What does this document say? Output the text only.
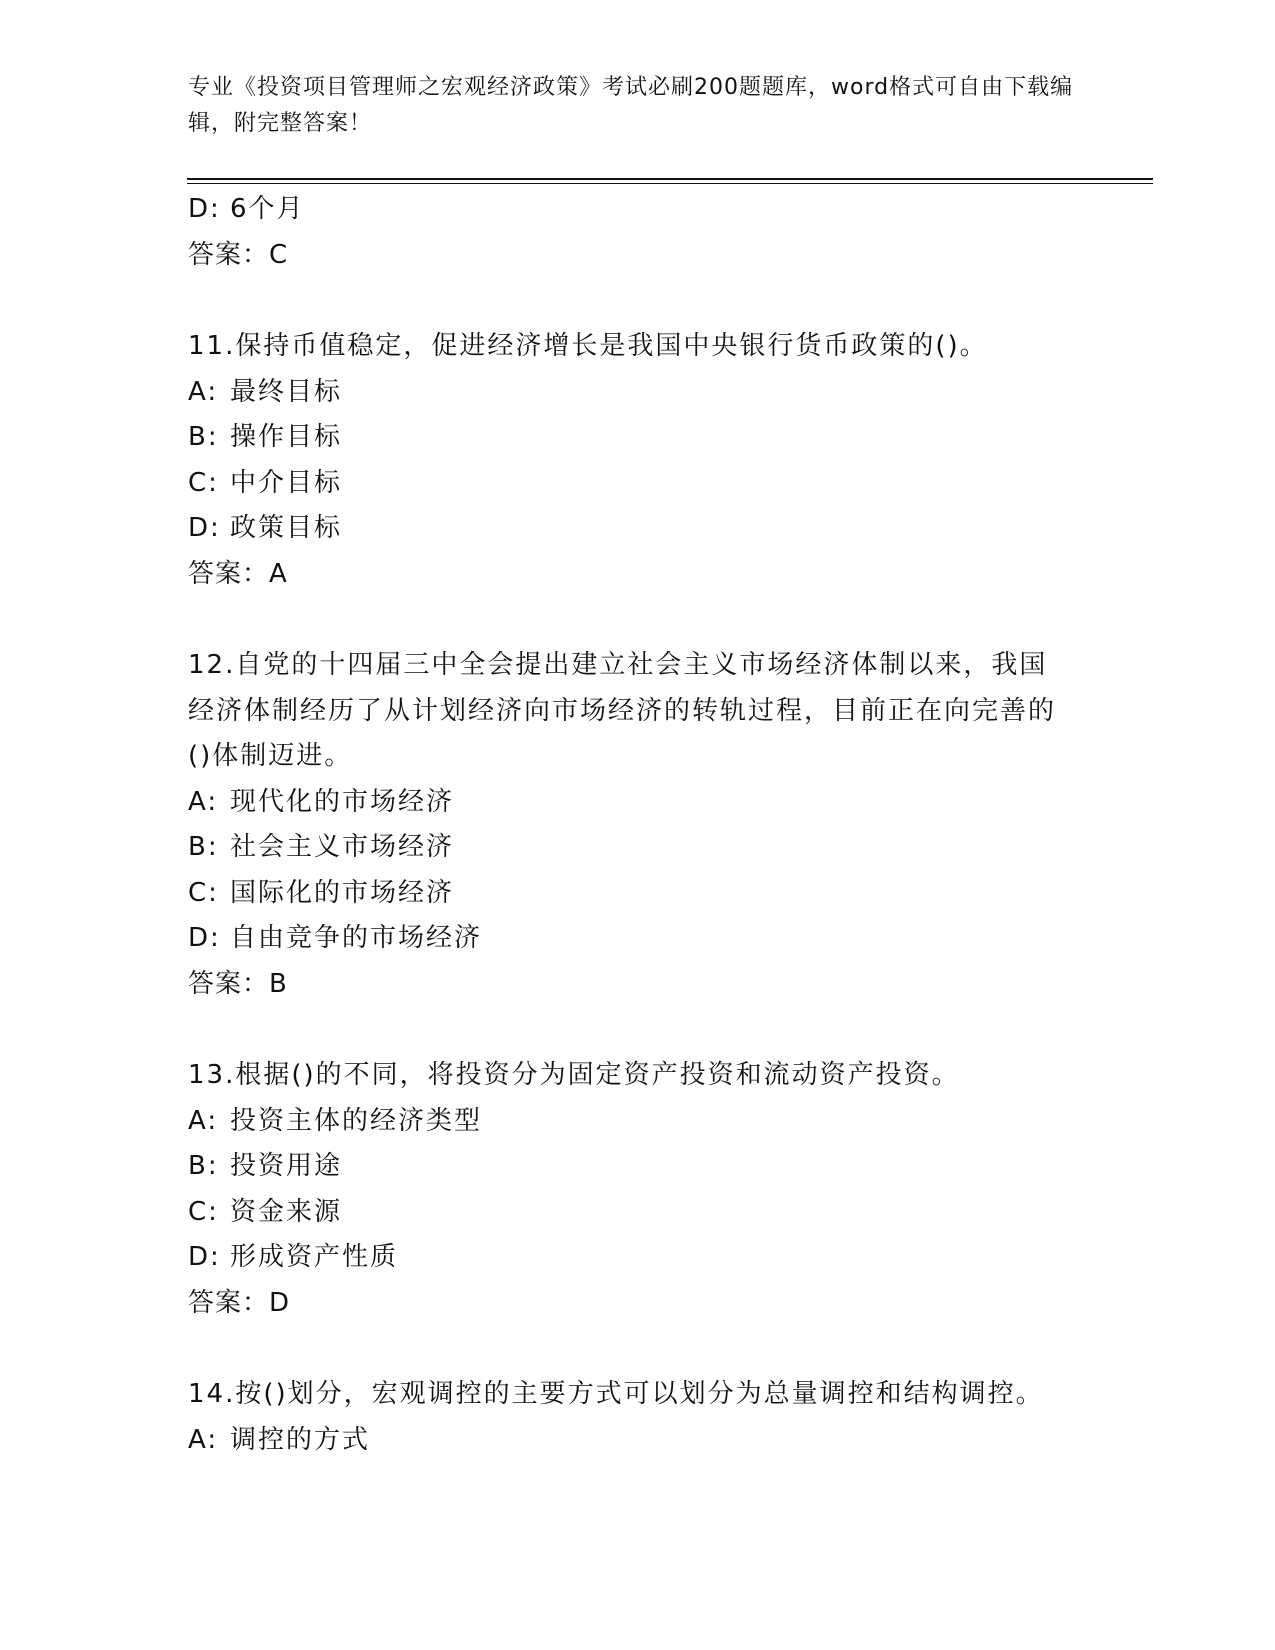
专业《投资项目管理师之宏观经济政策》考试必刷200题题库，word格式可自由下载编辑，附完整答案！
D: 6个月
答案：C
11.保持币值稳定，促进经济增长是我国中央银行货币政策的()。
A: 最终目标
B: 操作目标
C: 中介目标
D: 政策目标
答案：A
12.自党的十四届三中全会提出建立社会主义市场经济体制以来，我国经济体制经历了从计划经济向市场经济的转轨过程，目前正在向完善的()体制迈进。
A: 现代化的市场经济
B: 社会主义市场经济
C: 国际化的市场经济
D: 自由竞争的市场经济
答案：B
13.根据()的不同，将投资分为固定资产投资和流动资产投资。
A: 投资主体的经济类型
B: 投资用途
C: 资金来源
D: 形成资产性质
答案：D
14.按()划分，宏观调控的主要方式可以划分为总量调控和结构调控。
A: 调控的方式
